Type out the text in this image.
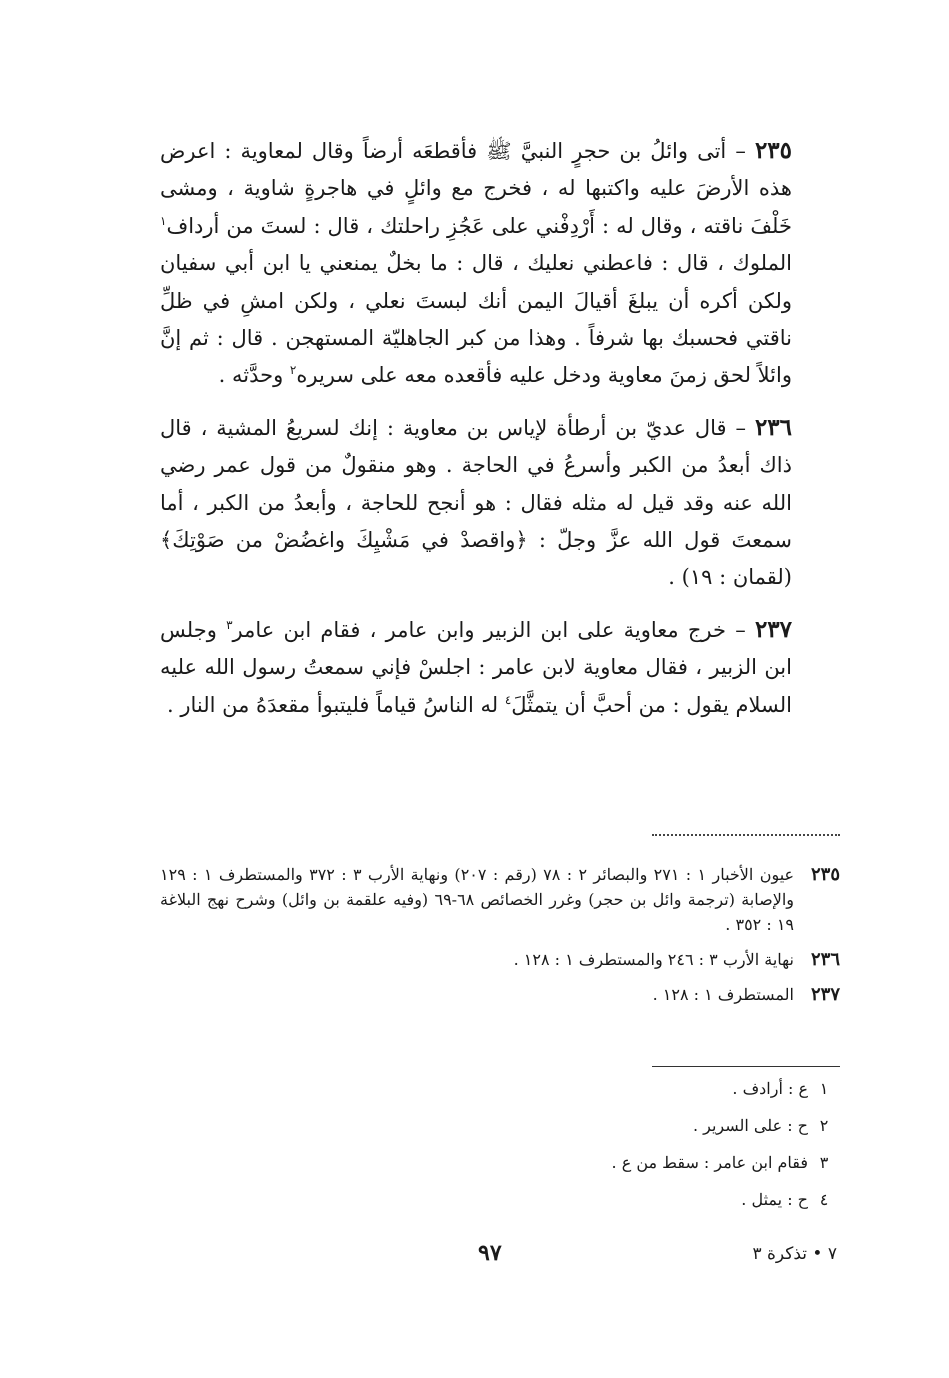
٢٣٥ – أتى وائلُ بن حجرٍ النبيَّ ﷺ فأقطعَه أرضاً وقال لمعاوية : اعرض هذه الأرضَ عليه واكتبها له ، فخرج مع وائلٍ في هاجرةٍ شاوية ، ومشى خَلْفَ ناقته ، وقال له : أَرْدِفْني على عَجُزِ راحلتك ، قال : لستَ من أرداف$^١$ الملوك ، قال : فاعطني نعليك ، قال : ما بخلٌ يمنعني يا ابن أبي سفيان ولكن أكره أن يبلغَ أقيالَ اليمن أنك لبستَ نعلي ، ولكن امشِ في ظلِّ ناقتي فحسبك بها شرفاً . وهذا من كبر الجاهليّة المستهجن . قال : ثم إنَّ وائلاً لحق زمنَ معاوية ودخل عليه فأقعده معه على سريره$^٢$ وحدَّثه .

٢٣٦ – قال عديّ بن أرطأة لإياس بن معاوية : إنك لسريعُ المشية ، قال ذاك أبعدُ من الكبر وأسرعُ في الحاجة . وهو منقولٌ من قول عمر رضي الله عنه وقد قيل له مثله فقال : هو أنجح للحاجة ، وأبعدُ من الكبر ، أما سمعتَ قول الله عزَّ وجلّ : ﴿واقصدْ في مَشْيِكَ واغضُضْ من صَوْتِكَ﴾ (لقمان : ١٩) .

٢٣٧ – خرج معاوية على ابن الزبير وابن عامر ، فقام ابن عامر$^٣$ وجلس ابن الزبير ، فقال معاوية لابن عامر : اجلسْ فإني سمعتُ رسول الله عليه السلام يقول : من أحبَّ أن يتمثَّلَ$^٤$ له الناسُ قياماً فليتبوأ مقعدَهُ من النار .

٢٣٥
عيون الأخبار ١ : ٢٧١ والبصائر ٢ : ٧٨ (رقم : ٢٠٧) ونهاية الأرب ٣ : ٣٧٢ والمستطرف ١ : ١٢٩ والإصابة (ترجمة وائل بن حجر) وغرر الخصائص ٦٨-٦٩ (وفيه علقمة بن وائل) وشرح نهج البلاغة ١٩ : ٣٥٢ .
٢٣٦
نهاية الأرب ٣ : ٢٤٦ والمستطرف ١ : ١٢٨ .
٢٣٧
المستطرف ١ : ١٢٨ .
١
ع : أرادف .
٢
ح : على السرير .
٣
فقام ابن عامر : سقط من ع .
٤
ح : يمثل .
٩٧	٧ • تذكرة ٣
